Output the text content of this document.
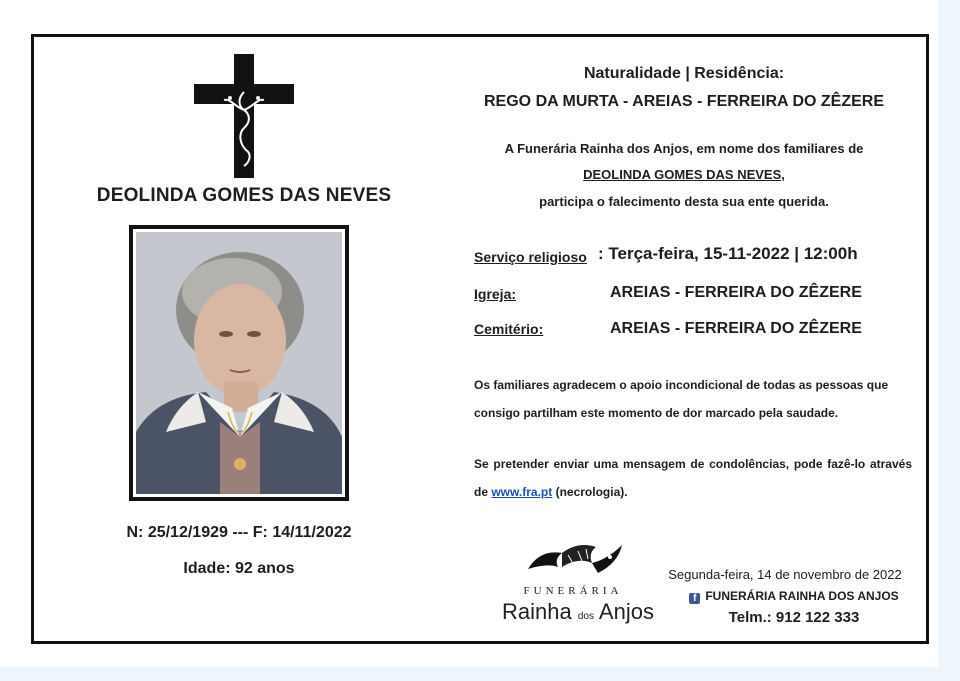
DEOLINDA GOMES DAS NEVES
N: 25/12/1929 --- F: 14/11/2022
Idade: 92 anos
Naturalidade | Residência:
REGO DA MURTA - AREIAS - FERREIRA DO ZÊZERE
A Funerária Rainha dos Anjos, em nome dos familiares de
DEOLINDA GOMES DAS NEVES,
participa o falecimento desta sua ente querida.
Serviço religioso : Terça-feira, 15-11-2022 | 12:00h
Igreja:	AREIAS - FERREIRA DO ZÊZERE
Cemitério:	AREIAS - FERREIRA DO ZÊZERE
Os familiares agradecem o apoio incondicional de todas as pessoas que consigo partilham este momento de dor marcado pela saudade.
Se pretender enviar uma mensagem de condolências, pode fazê-lo através de www.fra.pt (necrologia).
FUNERÁRIA
Rainha dos Anjos
Segunda-feira, 14 de novembro de 2022
f FUNERÁRIA RAINHA DOS ANJOS
Telm.: 912 122 333
